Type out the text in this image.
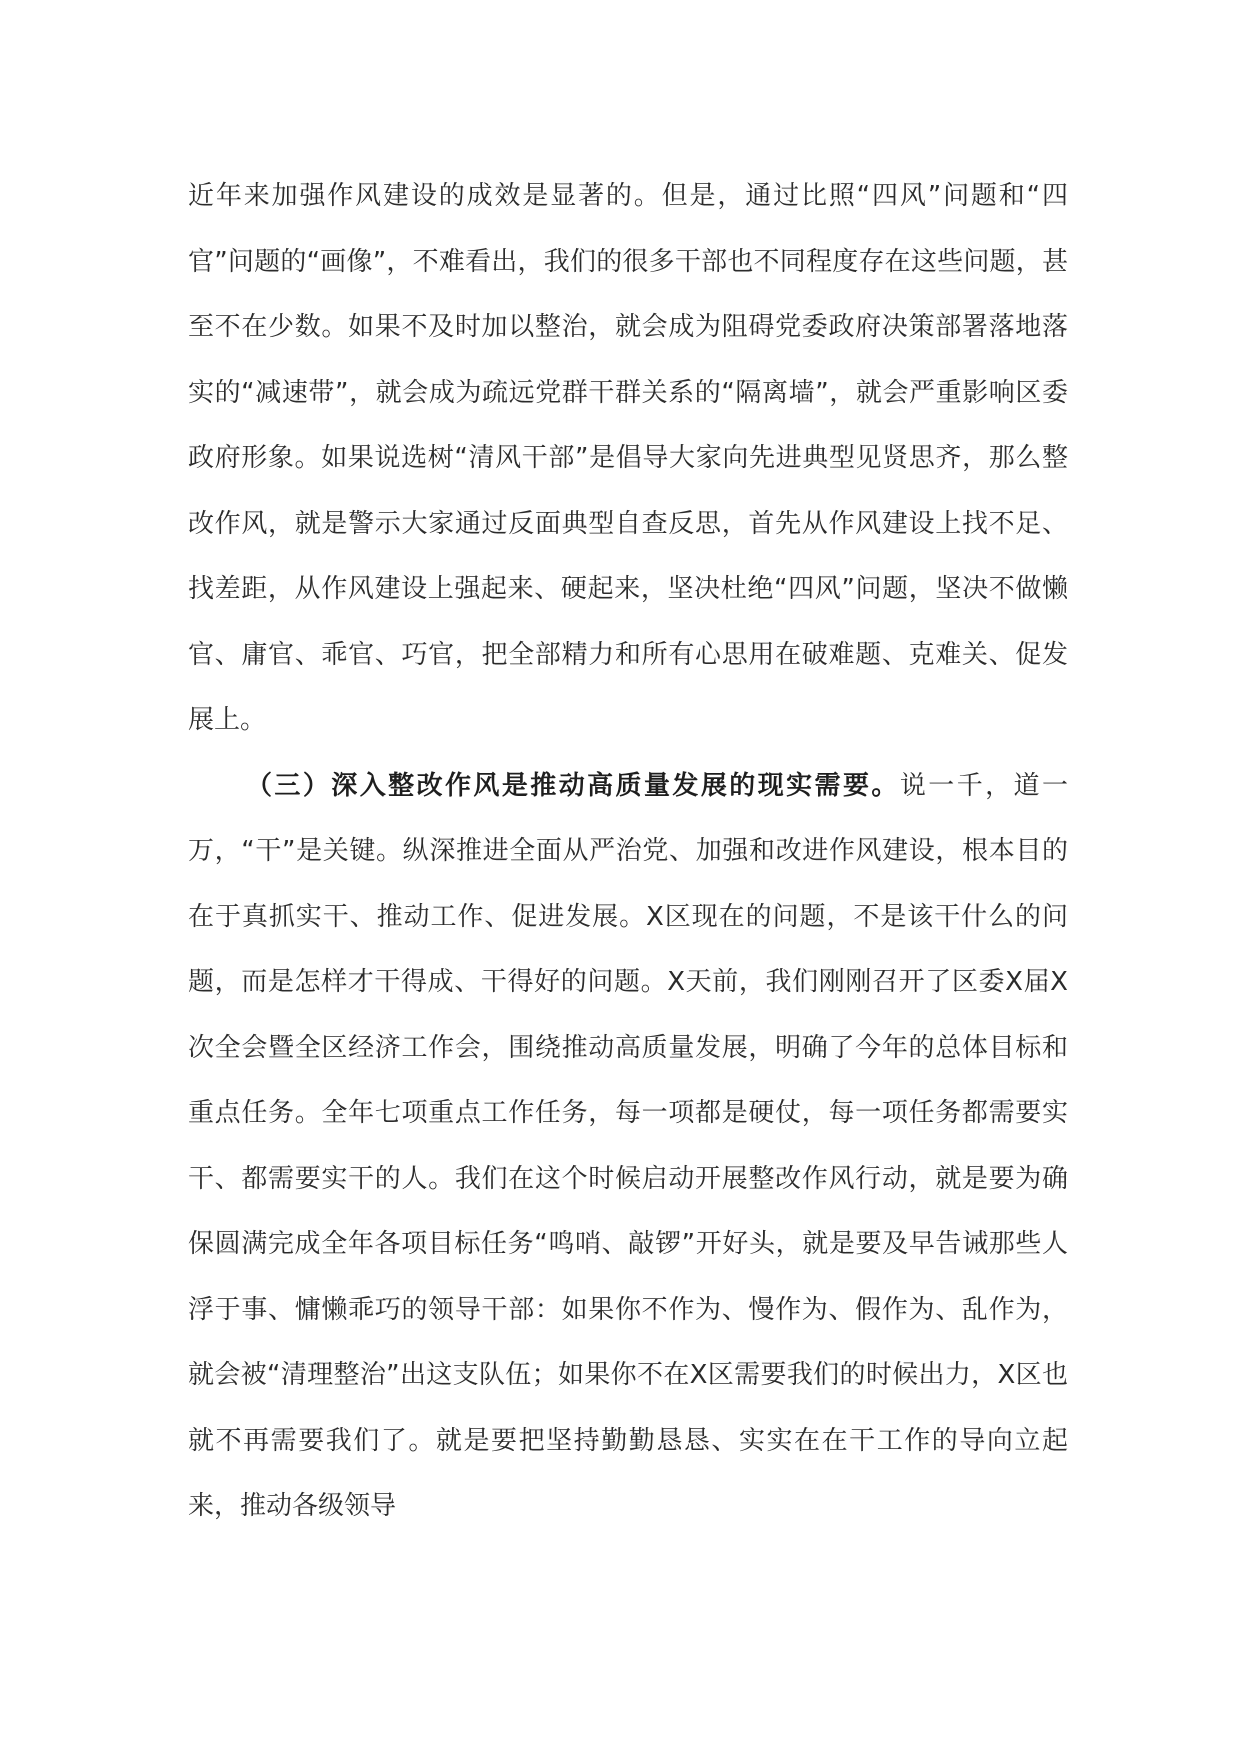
近年来加强作风建设的成效是显著的。但是，通过比照“四风”问题和“四官”问题的“画像”，不难看出，我们的很多干部也不同程度存在这些问题，甚至不在少数。如果不及时加以整治，就会成为阻碍党委政府决策部署落地落实的“减速带”，就会成为疏远党群干群关系的“隔离墙”，就会严重影响区委政府形象。如果说选树“清风干部”是倡导大家向先进典型见贤思齐，那么整改作风，就是警示大家通过反面典型自查反思，首先从作风建设上找不足、找差距，从作风建设上强起来、硬起来，坚决杜绝“四风”问题，坚决不做懒官、庸官、乖官、巧官，把全部精力和所有心思用在破难题、克难关、促发展上。

（三）深入整改作风是推动高质量发展的现实需要。说一千，道一万，“干”是关键。纵深推进全面从严治党、加强和改进作风建设，根本目的在于真抓实干、推动工作、促进发展。X区现在的问题，不是该干什么的问题，而是怎样才干得成、干得好的问题。X天前，我们刚刚召开了区委X届X次全会暨全区经济工作会，围绕推动高质量发展，明确了今年的总体目标和重点任务。全年七项重点工作任务，每一项都是硬仗，每一项任务都需要实干、都需要实干的人。我们在这个时候启动开展整改作风行动，就是要为确保圆满完成全年各项目标任务“鸣哨、敲锣”开好头，就是要及早告诫那些人浮于事、慵懒乖巧的领导干部：如果你不作为、慢作为、假作为、乱作为，就会被“清理整治”出这支队伍；如果你不在X区需要我们的时候出力，X区也就不再需要我们了。就是要把坚持勤勤恳恳、实实在在干工作的导向立起来，推动各级领导
